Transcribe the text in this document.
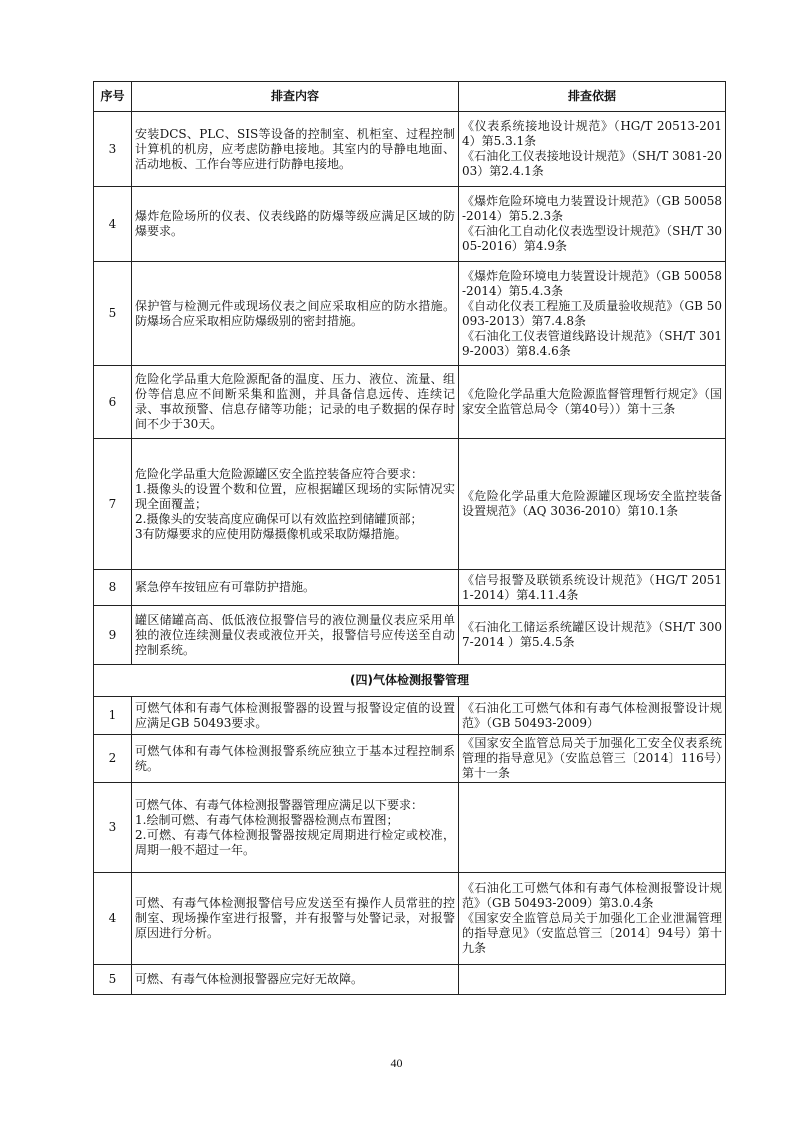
序号	排查内容	排查依据
3	安装DCS、PLC、SIS等设备的控制室、机柜室、过程控制计算机的机房，应考虑防静电接地。其室内的导静电地面、活动地板、工作台等应进行防静电接地。	《仪表系统接地设计规范》（HG/T 20513-2014）第5.3.1条
《石油化工仪表接地设计规范》（SH/T 3081-2003）第2.4.1条

4	爆炸危险场所的仪表、仪表线路的防爆等级应满足区域的防爆要求。	《爆炸危险环境电力装置设计规范》（GB 50058-2014）第5.2.3条
《石油化工自动化仪表选型设计规范》（SH/T 3005-2016）第4.9条

5	保护管与检测元件或现场仪表之间应采取相应的防水措施。防爆场合应采取相应防爆级别的密封措施。	《爆炸危险环境电力装置设计规范》（GB 50058-2014）第5.4.3条
《自动化仪表工程施工及质量验收规范》（GB 50093-2013）第7.4.8条
《石油化工仪表管道线路设计规范》（SH/T 3019-2003）第8.4.6条

6	危险化学品重大危险源配备的温度、压力、液位、流量、组份等信息应不间断采集和监测，并具备信息远传、连续记录、事故预警、信息存储等功能；记录的电子数据的保存时间不少于30天。	《危险化学品重大危险源监督管理暂行规定》（国家安全监管总局令（第40号））第十三条

7	危险化学品重大危险源罐区安全监控装备应符合要求：
1.摄像头的设置个数和位置，应根据罐区现场的实际情况实现全面覆盖；
2.摄像头的安装高度应确保可以有效监控到储罐顶部；
3有防爆要求的应使用防爆摄像机或采取防爆措施。	《危险化学品重大危险源罐区现场安全监控装备设置规范》（AQ 3036-2010）第10.1条

8	紧急停车按钮应有可靠防护措施。	《信号报警及联锁系统设计规范》（HG/T 20511-2014）第4.11.4条

9	罐区储罐高高、低低液位报警信号的液位测量仪表应采用单独的液位连续测量仪表或液位开关，报警信号应传送至自动控制系统。	《石油化工储运系统罐区设计规范》（SH/T 3007-2014 ）第5.4.5条

(四)气体检测报警管理		
1	可燃气体和有毒气体检测报警器的设置与报警设定值的设置应满足GB 50493要求。	《石油化工可燃气体和有毒气体检测报警设计规范》（GB 50493-2009）

2	可燃气体和有毒气体检测报警系统应独立于基本过程控制系统。	《国家安全监管总局关于加强化工安全仪表系统管理的指导意见》（安监总管三〔2014〕116号）第十一条

3	可燃气体、有毒气体检测报警器管理应满足以下要求：
1.绘制可燃、有毒气体检测报警器检测点布置图；
2.可燃、有毒气体检测报警器按规定周期进行检定或校准，周期一般不超过一年。	

4	可燃、有毒气体检测报警信号应发送至有操作人员常驻的控制室、现场操作室进行报警，并有报警与处警记录，对报警原因进行分析。	《石油化工可燃气体和有毒气体检测报警设计规范》（GB 50493-2009）第3.0.4条
《国家安全监管总局关于加强化工企业泄漏管理的指导意见》（安监总管三〔2014〕94号）第十九条

5	可燃、有毒气体检测报警器应完好无故障。	

40
